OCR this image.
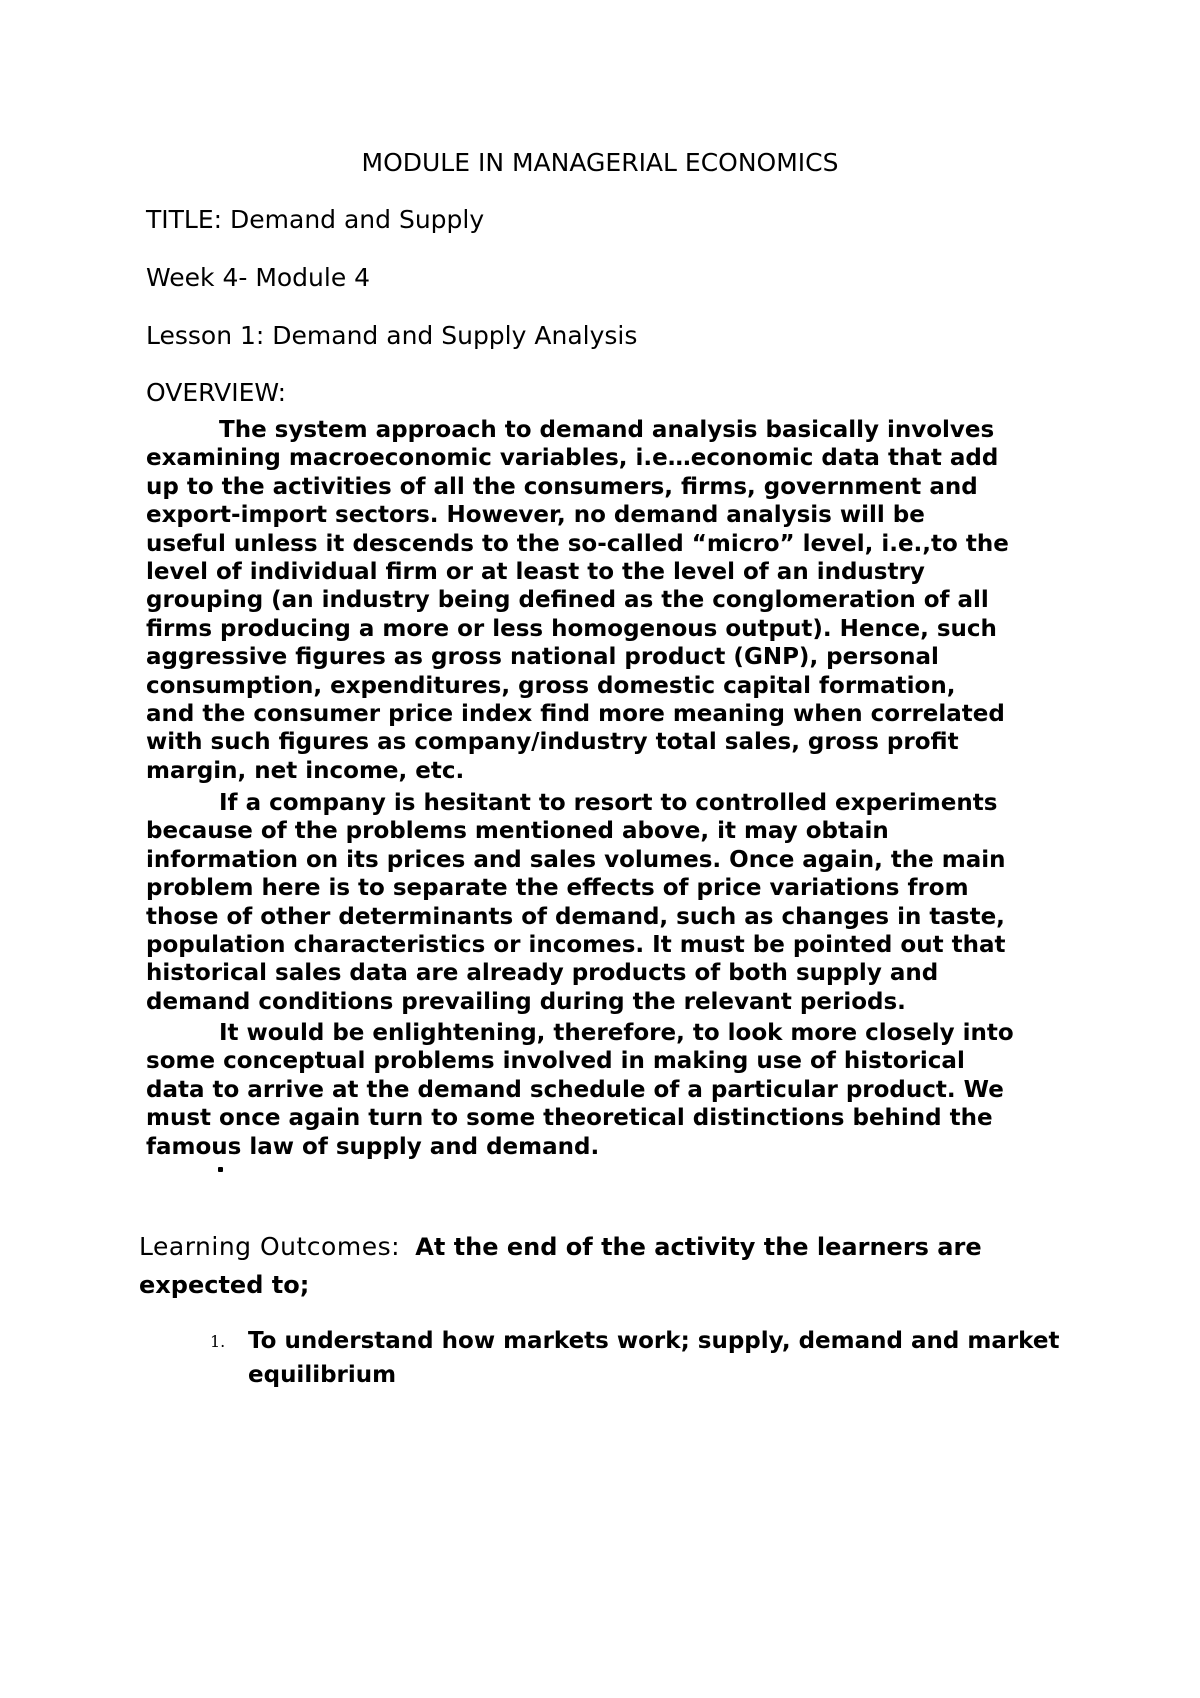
MODULE IN MANAGERIAL ECONOMICS
TITLE: Demand and Supply
Week 4- Module 4
Lesson 1: Demand and Supply Analysis
OVERVIEW:
The system approach to demand analysis basically involves
examining macroeconomic variables, i.e…economic data that add
up to the activities of all the consumers, firms, government and
export-import sectors. However, no demand analysis will be
useful unless it descends to the so-called “micro” level, i.e.,to the
level of individual firm or at least to the level of an industry
grouping (an industry being defined as the conglomeration of all
firms producing a more or less homogenous output). Hence, such
aggressive figures as gross national product (GNP), personal
consumption, expenditures, gross domestic capital formation,
and the consumer price index find more meaning when correlated
with such figures as company/industry total sales, gross profit
margin, net income, etc.
If a company is hesitant to resort to controlled experiments
because of the problems mentioned above, it may obtain
information on its prices and sales volumes. Once again, the main
problem here is to separate the effects of price variations from
those of other determinants of demand, such as changes in taste,
population characteristics or incomes. It must be pointed out that
historical sales data are already products of both supply and
demand conditions prevailing during the relevant periods.
It would be enlightening, therefore, to look more closely into
some conceptual problems involved in making use of historical
data to arrive at the demand schedule of a particular product. We
must once again turn to some theoretical distinctions behind the
famous law of supply and demand.
Learning Outcomes: At the end of the activity the learners are
expected to;
1. To understand how markets work; supply, demand and market
equilibrium
